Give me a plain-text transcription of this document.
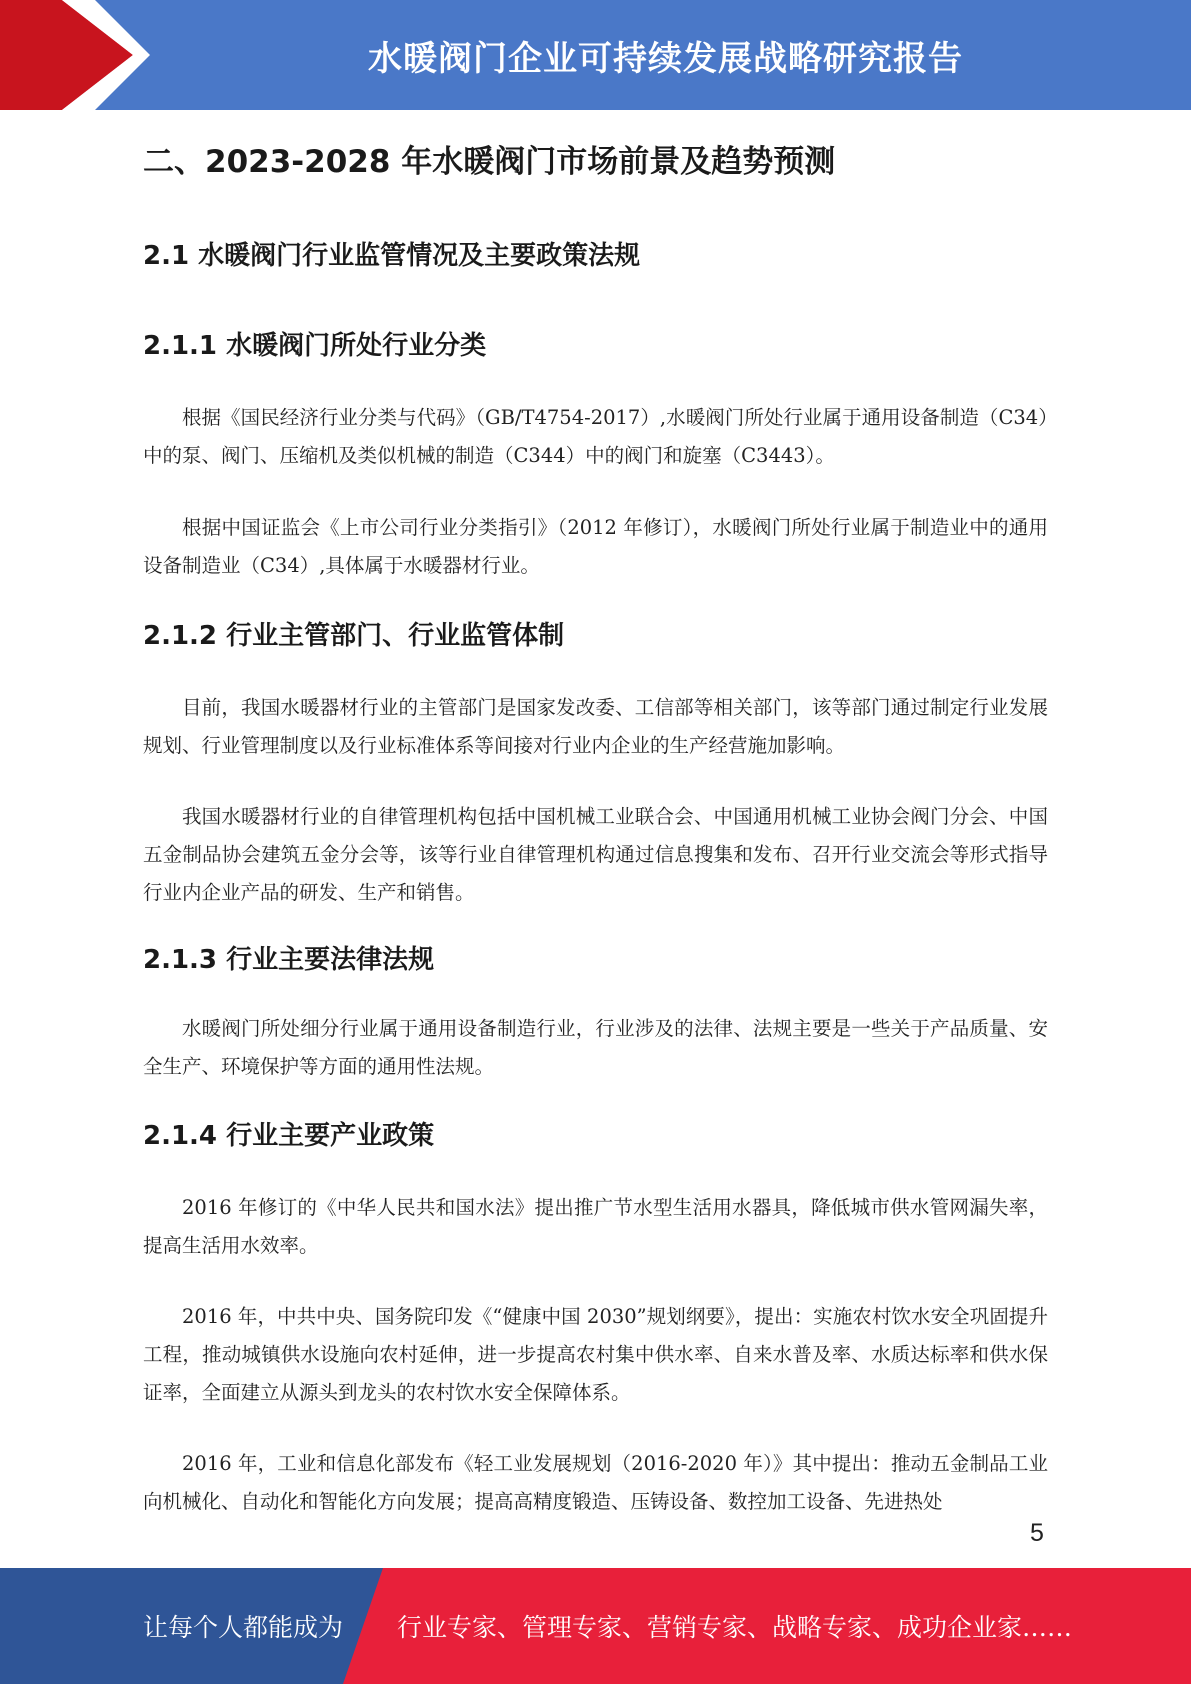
水暖阀门企业可持续发展战略研究报告
二、2023-2028 年水暖阀门市场前景及趋势预测
2.1 水暖阀门行业监管情况及主要政策法规
2.1.1 水暖阀门所处行业分类

根据《国民经济行业分类与代码》（GB/T4754-2017）,水暖阀门所处行业属于通用设备制造（C34）中的泵、阀门、压缩机及类似机械的制造（C344）中的阀门和旋塞（C3443）。

根据中国证监会《上市公司行业分类指引》（2012 年修订），水暖阀门所处行业属于制造业中的通用设备制造业（C34）,具体属于水暖器材行业。

2.1.2 行业主管部门、行业监管体制

目前，我国水暖器材行业的主管部门是国家发改委、工信部等相关部门，该等部门通过制定行业发展规划、行业管理制度以及行业标准体系等间接对行业内企业的生产经营施加影响。

我国水暖器材行业的自律管理机构包括中国机械工业联合会、中国通用机械工业协会阀门分会、中国五金制品协会建筑五金分会等，该等行业自律管理机构通过信息搜集和发布、召开行业交流会等形式指导行业内企业产品的研发、生产和销售。

2.1.3 行业主要法律法规

水暖阀门所处细分行业属于通用设备制造行业，行业涉及的法律、法规主要是一些关于产品质量、安全生产、环境保护等方面的通用性法规。

2.1.4 行业主要产业政策

2016 年修订的《中华人民共和国水法》提出推广节水型生活用水器具，降低城市供水管网漏失率，提高生活用水效率。

2016 年，中共中央、国务院印发《“健康中国 2030”规划纲要》，提出：实施农村饮水安全巩固提升工程，推动城镇供水设施向农村延伸，进一步提高农村集中供水率、自来水普及率、水质达标率和供水保证率，全面建立从源头到龙头的农村饮水安全保障体系。

2016 年，工业和信息化部发布《轻工业发展规划（2016-2020 年）》其中提出：推动五金制品工业向机械化、自动化和智能化方向发展；提高高精度锻造、压铸设备、数控加工设备、先进热处

5
让每个人都能成为 行业专家、管理专家、营销专家、战略专家、成功企业家……
